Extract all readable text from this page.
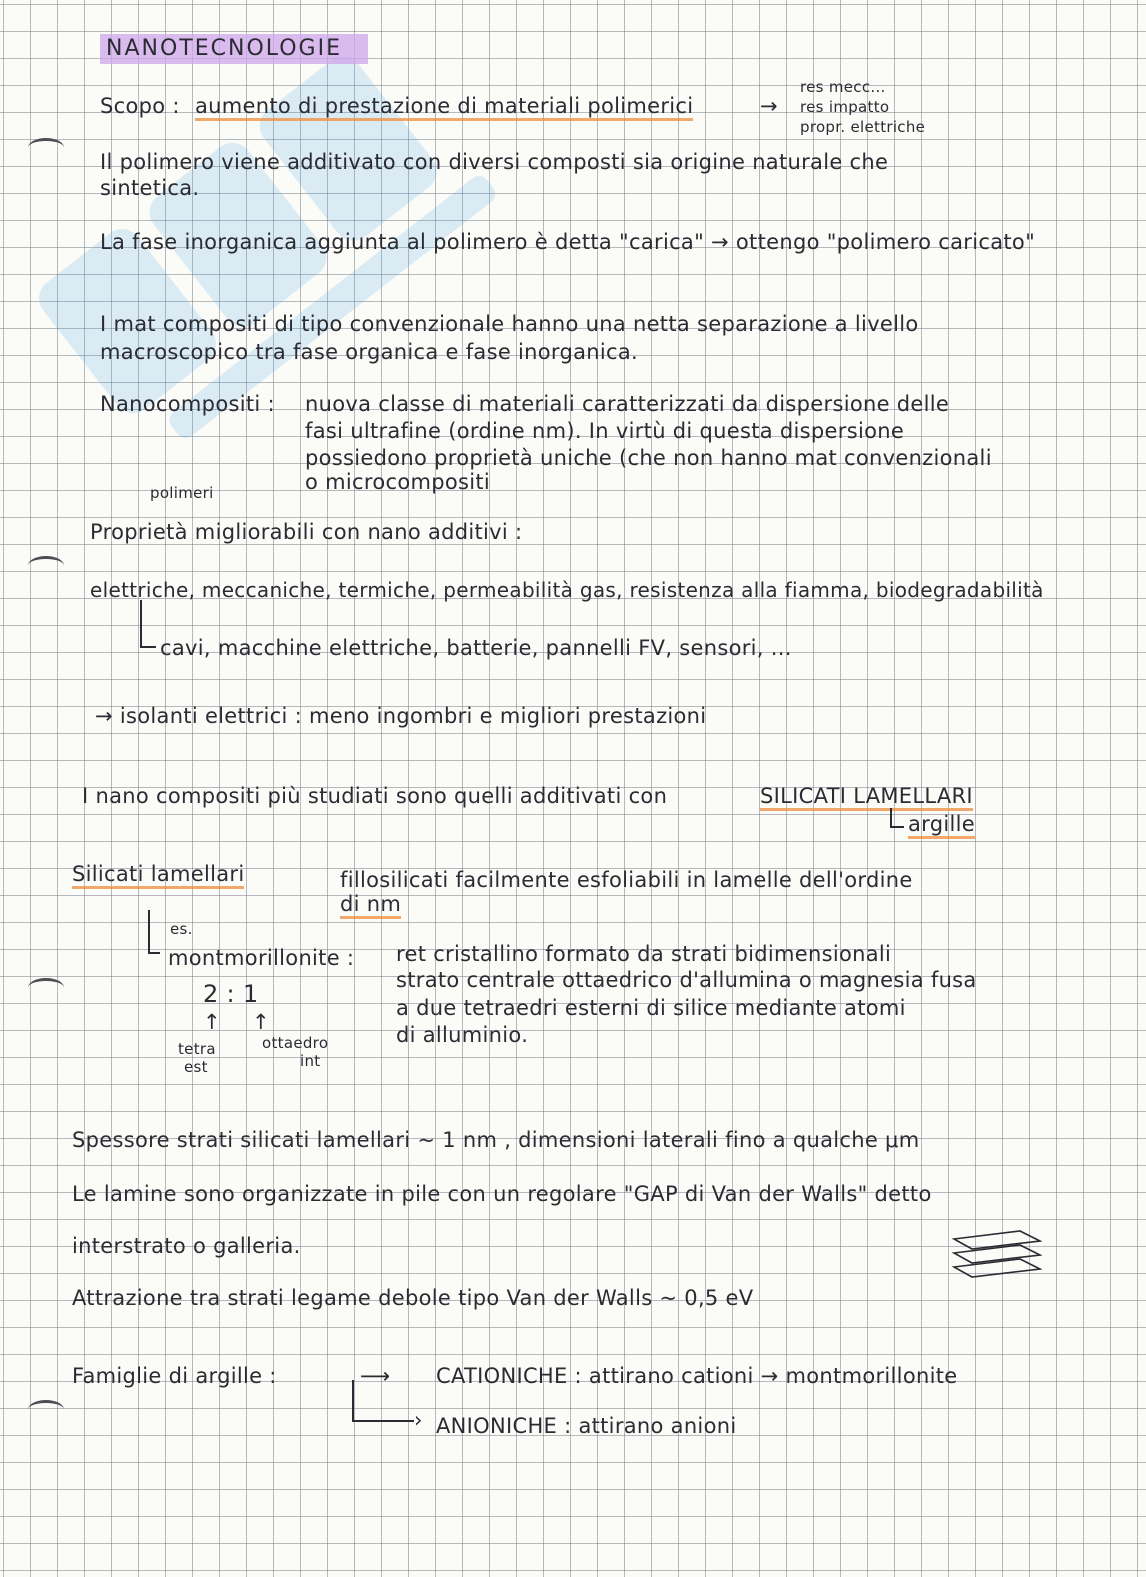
NANOTECNOLOGIE
Scopo : aumento di prestazione di materiali polimerici	→
res mecc...
res impatto
propr. elettriche
Il polimero viene additivato con diversi composti sia origine naturale che
sintetica.
La fase inorganica aggiunta al polimero è detta "carica" → ottengo "polimero caricato"
I mat compositi di tipo convenzionale hanno una netta separazione a livello
macroscopico tra fase organica e fase inorganica.
Nanocompositi : nuova classe di materiali caratterizzati da dispersione delle
fasi ultrafine (ordine nm). In virtù di questa dispersione
possiedono proprietà uniche (che non hanno mat convenzionali
o microcompositi
polimeri
Proprietà migliorabili con nano additivi :
elettriche, meccaniche, termiche, permeabilità gas, resistenza alla fiamma, biodegradabilità
cavi, macchine elettriche, batterie, pannelli FV, sensori, ...
→ isolanti elettrici : meno ingombri e migliori prestazioni
I nano compositi più studiati sono quelli additivati con	SILICATI LAMELLARI
argille
Silicati lamellari	fillosilicati facilmente esfoliabili in lamelle dell'ordine
di nm
es.
montmorillonite :
2 : 1
↑ ↑
tetra
est
ottaedro
int
ret cristallino formato da strati bidimensionali
strato centrale ottaedrico d'allumina o magnesia fusa
a due tetraedri esterni di silice mediante atomi
di alluminio.
Spessore strati silicati lamellari ~ 1 nm , dimensioni laterali fino a qualche μm
Le lamine sono organizzate in pile con un regolare "GAP di Van der Walls" detto
interstrato o galleria.
Attrazione tra strati legame debole tipo Van der Walls ~ 0,5 eV
Famiglie di argille :	⟶ CATIONICHE : attirano cationi → montmorillonite
› ANIONICHE : attirano anioni
